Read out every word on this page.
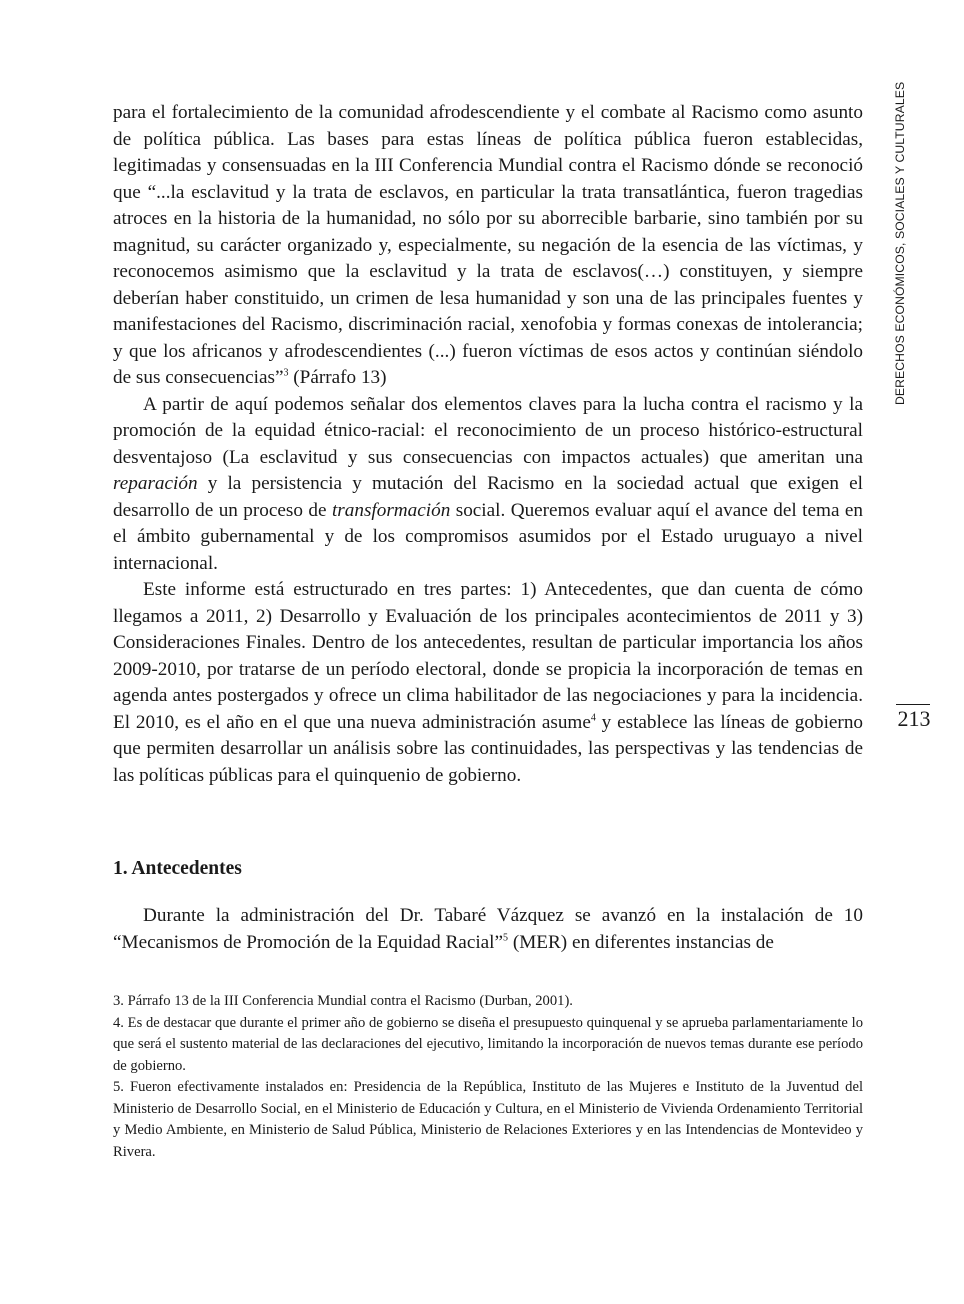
para el fortalecimiento de la comunidad afrodescendiente y el combate al Racismo como asunto de política pública. Las bases para estas líneas de política pública fueron establecidas, legitimadas y consensuadas en la III Conferencia Mundial contra el Racismo dónde se reconoció que “...la esclavitud y la trata de esclavos, en particular la trata transatlántica, fueron tragedias atroces en la historia de la humanidad, no sólo por su aborrecible barbarie, sino también por su magnitud, su carácter organizado y, especialmente, su negación de la esencia de las víctimas, y reconocemos asimismo que la esclavitud y la trata de esclavos(…) constituyen, y siempre deberían haber constituido, un crimen de lesa humanidad y son una de las principales fuentes y manifestaciones del Racismo, discriminación racial, xenofobia y formas conexas de intolerancia; y que los africanos y afrodescendientes (...) fueron víctimas de esos actos y continúan siéndolo de sus consecuencias”$^3$ (Párrafo 13)

A partir de aquí podemos señalar dos elementos claves para la lucha contra el racismo y la promoción de la equidad étnico-racial: el reconocimiento de un proceso histórico-estructural desventajoso (La esclavitud y sus consecuencias con impactos actuales) que ameritan una reparación y la persistencia y mutación del Racismo en la sociedad actual que exigen el desarrollo de un proceso de transformación social. Queremos evaluar aquí el avance del tema en el ámbito gubernamental y de los compromisos asumidos por el Estado uruguayo a nivel internacional.

Este informe está estructurado en tres partes: 1) Antecedentes, que dan cuenta de cómo llegamos a 2011, 2) Desarrollo y Evaluación de los principales acontecimientos de 2011 y 3) Consideraciones Finales. Dentro de los antecedentes, resultan de particular importancia los años 2009-2010, por tratarse de un período electoral, donde se propicia la incorporación de temas en agenda antes postergados y ofrece un clima habilitador de las negociaciones y para la incidencia. El 2010, es el año en el que una nueva administración asume$^4$ y establece las líneas de gobierno que permiten desarrollar un análisis sobre las continuidades, las perspectivas y las tendencias de las políticas públicas para el quinquenio de gobierno.

1. Antecedentes
Durante la administración del Dr. Tabaré Vázquez se avanzó en la instalación de 10 “Mecanismos de Promoción de la Equidad Racial”$^5$ (MER) en diferentes instancias de

3. Párrafo 13 de la III Conferencia Mundial contra el Racismo (Durban, 2001).

4. Es de destacar que durante el primer año de gobierno se diseña el presupuesto quinquenal y se aprueba parlamentariamente lo que será el sustento material de las declaraciones del ejecutivo, limitando la incorporación de nuevos temas durante ese período de gobierno.

5. Fueron efectivamente instalados en: Presidencia de la República, Instituto de las Mujeres e Instituto de la Juventud del Ministerio de Desarrollo Social, en el Ministerio de Educación y Cultura, en el Ministerio de Vivienda Ordenamiento Territorial y Medio Ambiente, en Ministerio de Salud Pública, Ministerio de Relaciones Exteriores y en las Intendencias de Montevideo y Rivera.

DERECHOS ECONÓMICOS, SOCIALES Y CULTURALES
213
